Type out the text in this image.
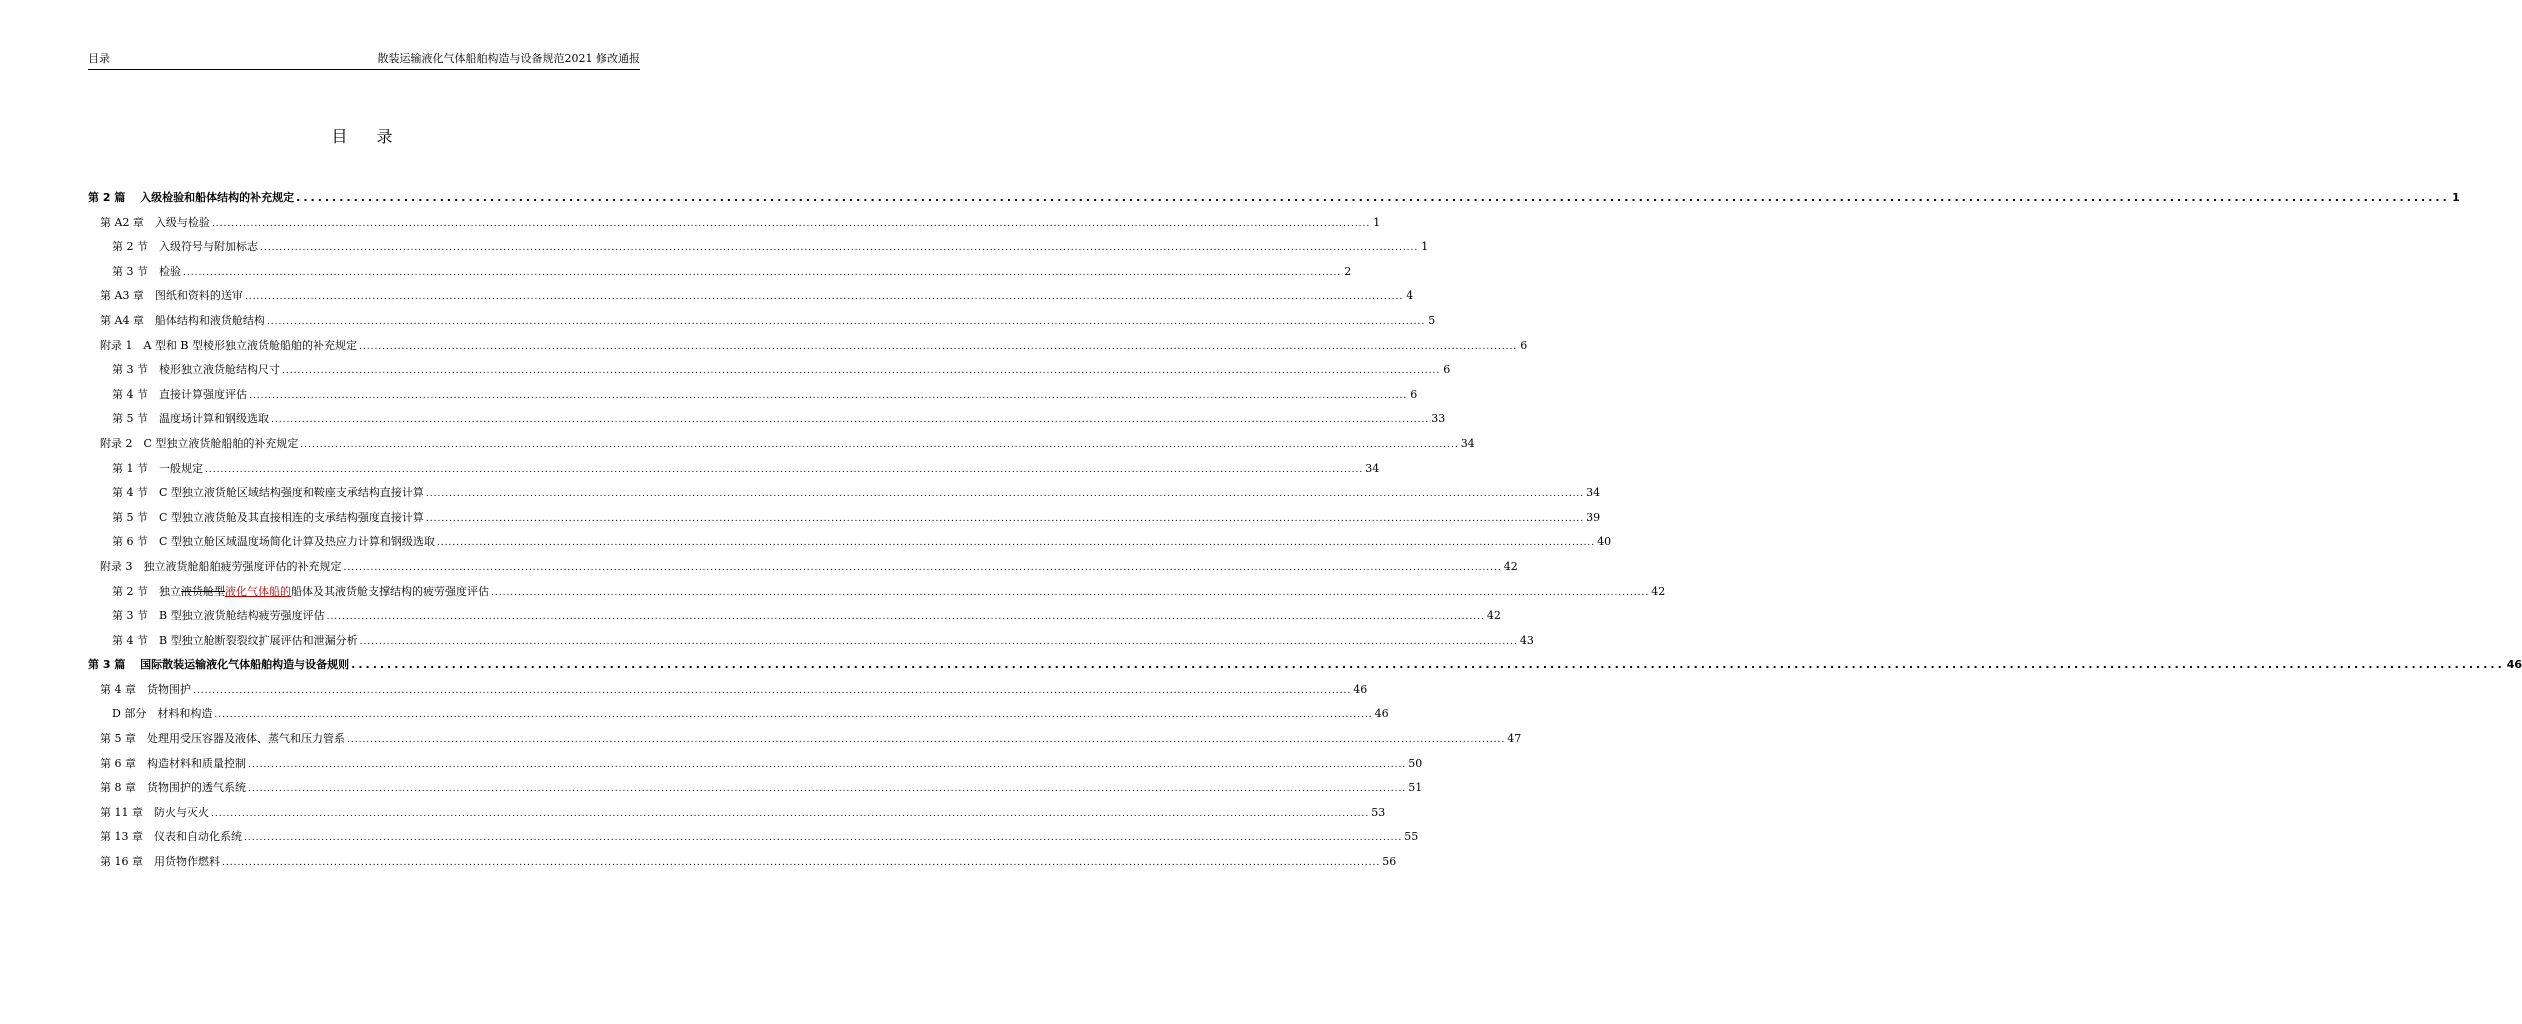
目录	散装运输液化气体船舶构造与设备规范2021 修改通报
目 录
第 2 篇　 入级检验和船体结构的补充规定 ............................................................................................................................................................................................................................................................................................................ 1
第 A2 章　入级与检验 ............................................................................................................................................................................................................................................................................................................ 1
第 2 节　入级符号与附加标志 ............................................................................................................................................................................................................................................................................................................ 1
第 3 节　检验 ............................................................................................................................................................................................................................................................................................................ 2
第 A3 章　图纸和资料的送审 ............................................................................................................................................................................................................................................................................................................ 4
第 A4 章　船体结构和液货舱结构 ............................................................................................................................................................................................................................................................................................................ 5
附录 1　A 型和 B 型棱形独立液货舱船舶的补充规定 ............................................................................................................................................................................................................................................................................................................ 6
第 3 节　棱形独立液货舱结构尺寸 ............................................................................................................................................................................................................................................................................................................ 6
第 4 节　直接计算强度评估 ............................................................................................................................................................................................................................................................................................................ 6
第 5 节　温度场计算和钢级选取 ............................................................................................................................................................................................................................................................................................................ 33
附录 2　C 型独立液货舱船舶的补充规定 ............................................................................................................................................................................................................................................................................................................ 34
第 1 节　一般规定 ............................................................................................................................................................................................................................................................................................................ 34
第 4 节　C 型独立液货舱区域结构强度和鞍座支承结构直接计算 ............................................................................................................................................................................................................................................................................................................ 34
第 5 节　C 型独立液货舱及其直接相连的支承结构强度直接计算 ............................................................................................................................................................................................................................................................................................................ 39
第 6 节　C 型独立舱区域温度场简化计算及热应力计算和钢级选取 ............................................................................................................................................................................................................................................................................................................ 40
附录 3　独立液货舱船舶疲劳强度评估的补充规定 ............................................................................................................................................................................................................................................................................................................ 42
第 2 节　独立液货舱型液化气体船的船体及其液货舱支撑结构的疲劳强度评估 ............................................................................................................................................................................................................................................................................................................ 42
第 3 节　B 型独立液货舱结构疲劳强度评估 ............................................................................................................................................................................................................................................................................................................ 42
第 4 节　B 型独立舱断裂裂纹扩展评估和泄漏分析 ............................................................................................................................................................................................................................................................................................................ 43
第 3 篇　 国际散装运输液化气体船舶构造与设备规则 ............................................................................................................................................................................................................................................................................................................ 46
第 4 章　货物围护 ............................................................................................................................................................................................................................................................................................................ 46
D 部分　材料和构造 ............................................................................................................................................................................................................................................................................................................ 46
第 5 章　处理用受压容器及液体、蒸气和压力管系 ............................................................................................................................................................................................................................................................................................................ 47
第 6 章　构造材料和质量控制 ............................................................................................................................................................................................................................................................................................................ 50
第 8 章　货物围护的透气系统 ............................................................................................................................................................................................................................................................................................................ 51
第 11 章　防火与灭火 ............................................................................................................................................................................................................................................................................................................ 53
第 13 章　仪表和自动化系统 ............................................................................................................................................................................................................................................................................................................ 55
第 16 章　用货物作燃料 ............................................................................................................................................................................................................................................................................................................ 56
